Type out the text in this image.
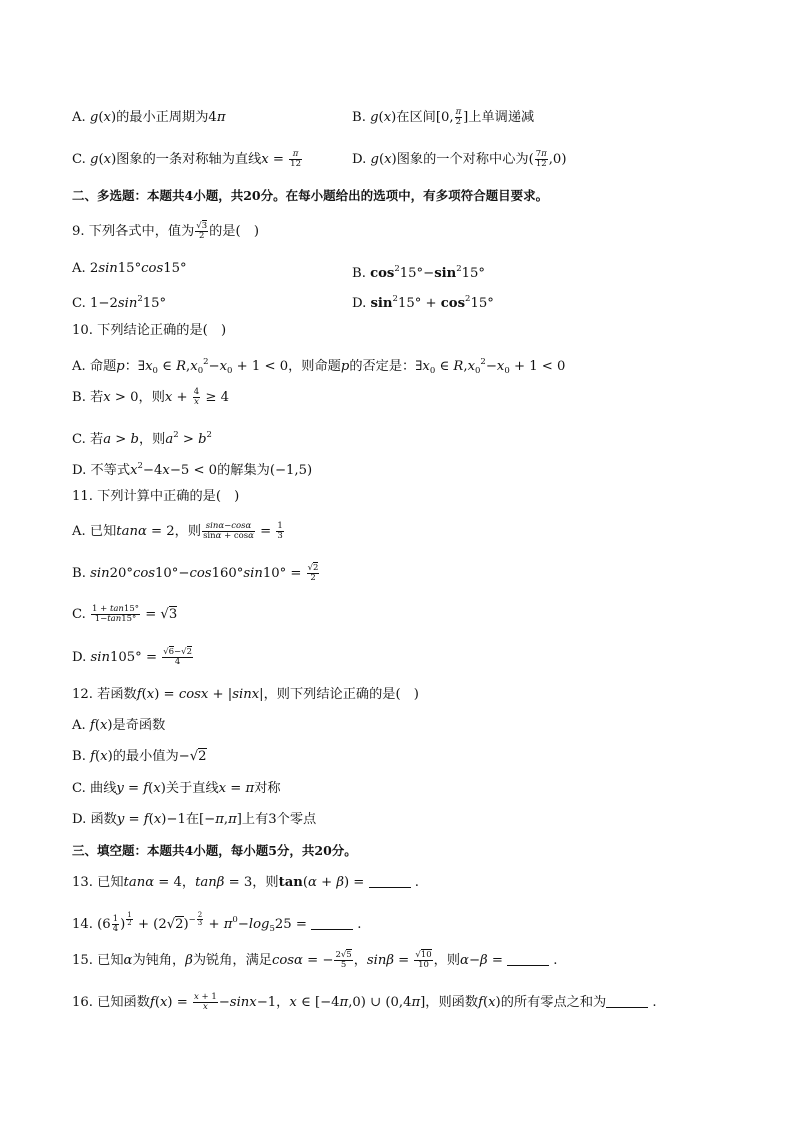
A. g(x)的最小正周期为4π	B. g(x)在区间[0, $\frac{\pi}{2}$ ]上单调递减
C. g(x)图象的一条对称轴为直线$x = \frac{\pi}{12}$	D. g(x)图象的一个对称中心为( $\frac{7\pi}{12} ,0$)
二、多选题：本题共4小题，共20分。在每小题给出的选项中，有多项符合题目要求。
9. 下列各式中，值为 $\frac{√3}{2}$ 的是(　)
A. 2sin15°cos15°	B. $\cos^215^\circ-\sin^215^\circ$
C. $1-2\sin^215^\circ$	D. $\sin^215^\circ + \cos^215^\circ$
10. 下列结论正确的是(　)
A. 命题p：$\exists x_0$ ∈ $R,x_0^2-x_0 + 1 < 0$，则命题p的否定是：$\exists x_0$ ∈ $R,x_0^2-x_0 + 1 < 0$
B. 若x > 0，则$x + \frac{4}{x} \ge 4$
C. 若a > b，则$a^2 > b^2$
D. 不等式$x^2-4x-5 < 0$的解集为(−1,5)
11. 下列计算中正确的是(　)
A. 已知tanα = 2，则 $\frac{\sin\alpha-\cos\alpha}{\sin\alpha + \cos\alpha} = \frac{1}{3}$
B. $\sin 20^\circ\cos 10^\circ-\cos 160^\circ\sin 10^\circ = \frac{√2}{2}$
C. $\frac{1 + \tan 15^\circ}{1-\tan 15^\circ} = √3$
D. $\sin 105^\circ = \frac{√6-√2}{4}$
12. 若函数f(x) = cosx + |sinx|，则下列结论正确的是(　)
A. f(x)是奇函数
B. f(x)的最小值为−√2
C. 曲线y = f(x)关于直线x = π对称
D. 函数y = f(x)−1在[−π,π]上有3个零点
三、填空题：本题共4小题，每小题5分，共20分。
13. 已知tanα = 4，tanβ = 3，则tan(α + β) =	.
14. ($6 \frac{1}{4}$ ) $^{\frac{1}{2}} + (2√2)^{- \frac{2}{3}} + \pi^0-\log_525$ =	.
15. 已知α为钝角，β为锐角，满足cosα = − $\frac{2√5}{5}$ ，$\sin\beta = \frac{√10}{10}$ ，则α−β =	.
16. 已知函数$f(x) = \frac{x + 1}{x} -\sin x-1$，x ∈ [−4π,0) ∪ (0,4π]，则函数f(x)的所有零点之和为	.
